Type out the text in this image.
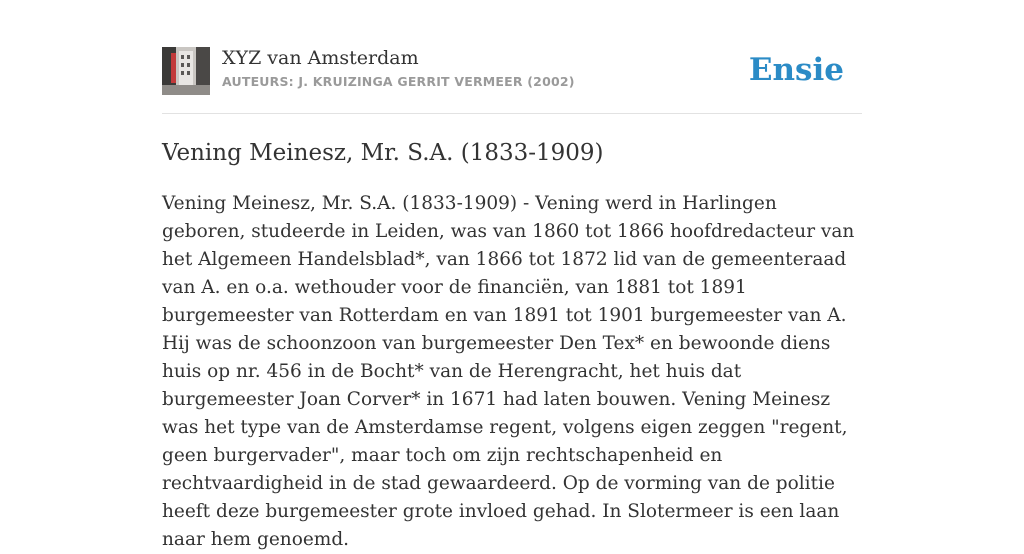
XYZ van Amsterdam
AUTEURS: J. KRUIZINGA GERRIT VERMEER (2002)	Ensie
Vening Meinesz, Mr. S.A. (1833-1909)

Vening Meinesz, Mr. S.A. (1833-1909) - Vening werd in Harlingen geboren, studeerde in Leiden, was van 1860 tot 1866 hoofdredacteur van het Algemeen Handelsblad*, van 1866 tot 1872 lid van de gemeenteraad van A. en o.a. wethouder voor de financiën, van 1881 tot 1891 burgemeester van Rotterdam en van 1891 tot 1901 burgemeester van A. Hij was de schoonzoon van burgemeester Den Tex* en bewoonde diens huis op nr. 456 in de Bocht* van de Herengracht, het huis dat burgemeester Joan Corver* in 1671 had laten bouwen. Vening Meinesz was het type van de Amsterdamse regent, volgens eigen zeggen "regent, geen burgervader", maar toch om zijn rechtschapenheid en rechtvaardigheid in de stad gewaardeerd. Op de vorming van de politie heeft deze burgemeester grote invloed gehad. In Slotermeer is een laan naar hem genoemd.
